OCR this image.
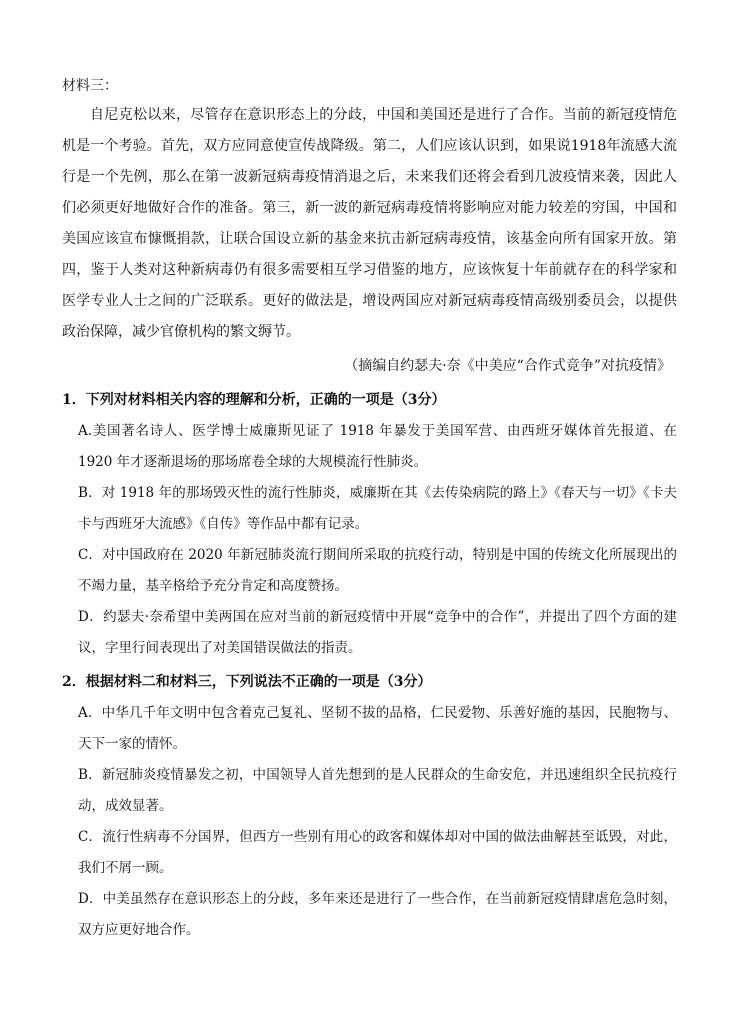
材料三：

自尼克松以来，尽管存在意识形态上的分歧，中国和美国还是进行了合作。当前的新冠疫情危机是一个考验。首先，双方应同意使宣传战降级。第二，人们应该认识到，如果说1918年流感大流行是一个先例，那么在第一波新冠病毒疫情消退之后，未来我们还将会看到几波疫情来袭，因此人们必须更好地做好合作的准备。第三，新一波的新冠病毒疫情将影响应对能力较差的穷国，中国和美国应该宣布慷慨捐款，让联合国设立新的基金来抗击新冠病毒疫情，该基金向所有国家开放。第四，鉴于人类对这种新病毒仍有很多需要相互学习借鉴的地方，应该恢复十年前就存在的科学家和医学专业人士之间的广泛联系。更好的做法是，增设两国应对新冠病毒疫情高级别委员会，以提供政治保障，减少官僚机构的繁文缛节。

（摘编自约瑟夫·奈《中美应“合作式竞争”对抗疫情》

1．下列对材料相关内容的理解和分析，正确的一项是（3分）

A.美国著名诗人、医学博士威廉斯见证了 1918 年暴发于美国军营、由西班牙媒体首先报道、在 1920 年才逐渐退场的那场席卷全球的大规模流行性肺炎。

B．对 1918 年的那场毁灭性的流行性肺炎，威廉斯在其《去传染病院的路上》《春天与一切》《卡夫卡与西班牙大流感》《自传》等作品中都有记录。

C．对中国政府在 2020 年新冠肺炎流行期间所采取的抗疫行动，特别是中国的传统文化所展现出的不竭力量，基辛格给予充分肯定和高度赞扬。

D．约瑟夫·奈希望中美两国在应对当前的新冠疫情中开展“竞争中的合作”，并提出了四个方面的建议，字里行间表现出了对美国错误做法的指责。

2．根据材料二和材料三，下列说法不正确的一项是（3分）

A．中华几千年文明中包含着克己复礼、坚韧不拔的品格，仁民爱物、乐善好施的基因，民胞物与、天下一家的情怀。

B．新冠肺炎疫情暴发之初，中国领导人首先想到的是人民群众的生命安危，并迅速组织全民抗疫行动，成效显著。

C．流行性病毒不分国界，但西方一些别有用心的政客和媒体却对中国的做法曲解甚至诋毁，对此，我们不屑一顾。

D．中美虽然存在意识形态上的分歧，多年来还是进行了一些合作，在当前新冠疫情肆虐危急时刻，双方应更好地合作。
